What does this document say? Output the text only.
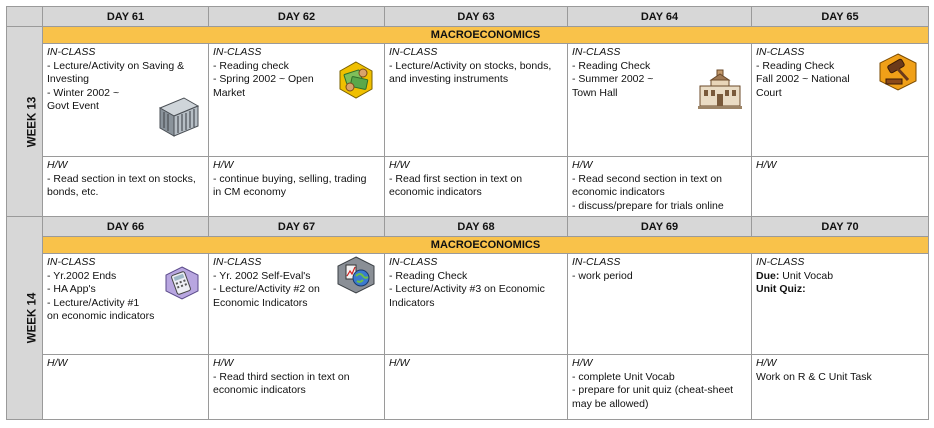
	DAY 61	DAY 62	DAY 63	DAY 64	DAY 65
WEEK 13	MACROECONOMICS				

	IN-CLASS
- Lecture/Activity on Saving &
Investing
- Winter 2002 ~
Govt Event	IN-CLASS
- Reading check
- Spring 2002 ~ Open
Market	IN-CLASS
- Lecture/Activity on stocks, bonds,
and investing instruments	IN-CLASS
- Reading Check
- Summer 2002 ~
Town Hall	IN-CLASS
- Reading Check
Fall 2002 ~ National
Court

	H/W
- Read section in text on stocks,
bonds, etc.	H/W
- continue buying, selling, trading
in CM economy	H/W
- Read first section in text on
economic indicators	H/W
- Read second section in text on
economic indicators
- discuss/prepare for trials online	H/W

WEEK 14	DAY 66	DAY 67	DAY 68	DAY 69	DAY 70
	MACROECONOMICS				

	IN-CLASS
- Yr.2002 Ends
- HA App's
- Lecture/Activity #1
on economic indicators	IN-CLASS
- Yr. 2002 Self-Eval's
- Lecture/Activity #2 on
Economic Indicators	IN-CLASS
- Reading Check
- Lecture/Activity #3 on Economic
Indicators	IN-CLASS
- work period	IN-CLASS
Due: Unit Vocab
Unit Quiz:

	H/W	H/W
- Read third section in text on
economic indicators	H/W	H/W
- complete Unit Vocab
- prepare for unit quiz (cheat-sheet
may be allowed)	H/W
Work on R & C Unit Task
